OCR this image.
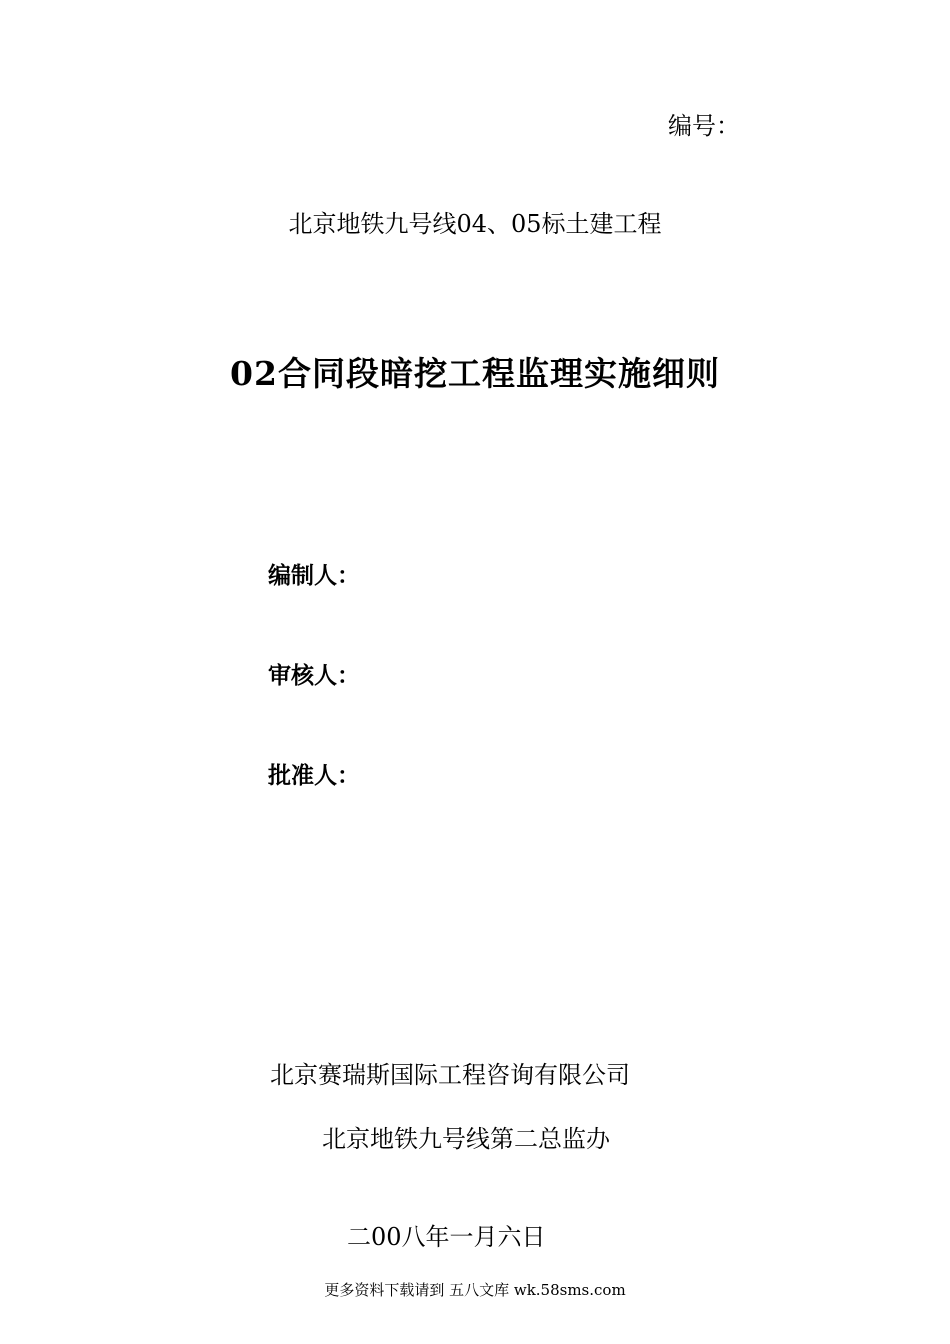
编号：
北京地铁九号线04、05标土建工程
02合同段暗挖工程监理实施细则
编制人：
审核人：
批准人：
北京赛瑞斯国际工程咨询有限公司
北京地铁九号线第二总监办
二00八年一月六日
更多资料下载请到 五八文库 wk.58sms.com
